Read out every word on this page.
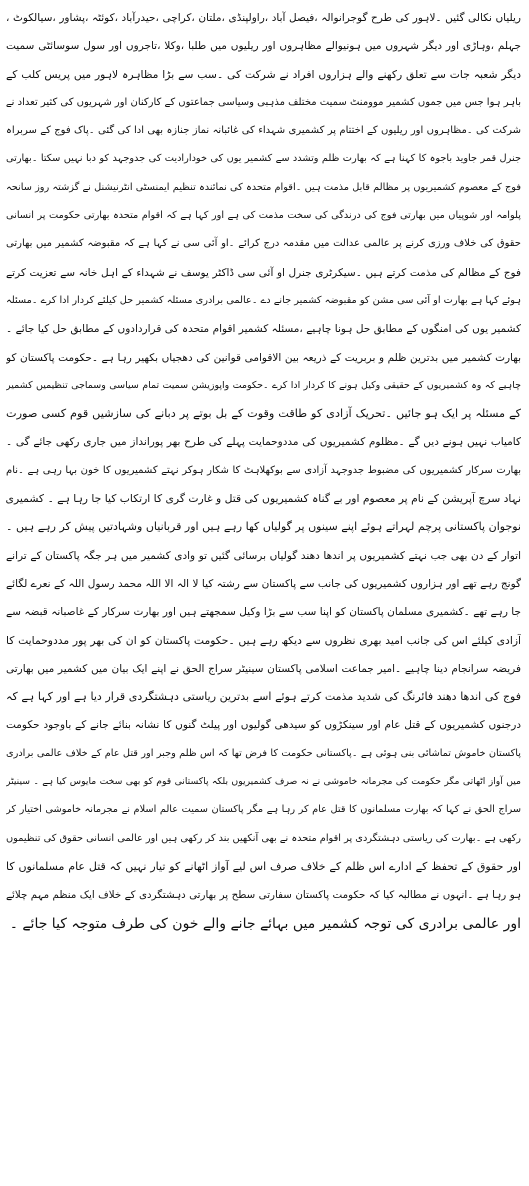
ریلیاں نکالی گئیں ۔لاہور کی طرح گوجرانوالہ ،فیصل آباد ،راولپنڈی ،ملتان ،کراچی ،حیدرآباد ،کوئٹہ ،پشاور ،سیالکوٹ ،
جہلم ،وہاڑی اور دیگر شہروں میں ہونیوالے مظاہروں اور ریلیوں میں طلبا ،وکلا ،تاجروں اور سول سوسائٹی سمیت
دیگر شعبہ جات سے تعلق رکھنے والے ہزاروں افراد نے شرکت کی ۔سب سے بڑا مظاہرہ لاہور میں پریس کلب کے
باہر ہوا جس میں جموں کشمیر موومنٹ سمیت مختلف مذہبی وسیاسی جماعتوں کے کارکنان اور شہریوں کی کثیر تعداد نے
شرکت کی ۔مظاہروں اور ریلیوں کے اختتام پر کشمیری شہداء کی غائبانہ نماز جنازہ بھی ادا کی گئی ۔پاک فوج کے سربراہ
جنرل قمر جاوید باجوہ کا کہنا ہے کہ بھارت ظلم وتشدد سے کشمیر یوں کی خودارادیت کی جدوجہد کو دبا نہیں سکتا ۔بھارتی
فوج کے معصوم کشمیریوں پر مظالم قابل مذمت ہیں ۔اقوام متحدہ کی نمائندہ تنظیم ایمنسٹی انٹرنیشنل نے گزشتہ روز سانحہ
پلوامہ اور شوپیاں میں بھارتی فوج کی درندگی کی سخت مذمت کی ہے اور کہا ہے کہ اقوام متحدہ بھارتی حکومت پر انسانی
حقوق کی خلاف ورزی کرنے پر عالمی عدالت میں مقدمہ درج کرائے ۔او آئی سی نے کہا ہے کہ مقبوضہ کشمیر میں بھارتی
فوج کے مظالم کی مذمت کرتے ہیں ۔سیکرٹری جنرل او آئی سی ڈاکٹر یوسف نے شہداء کے اہل خانہ سے تعزیت کرتے
ہوئے کہا ہے بھارت او آئی سی مشن کو مقبوضہ کشمیر جانے دے ۔عالمی برادری مسئلہ کشمیر حل کیلئے کردار ادا کرے ۔مسئلہ
کشمیر یوں کی امنگوں کے مطابق حل ہونا چاہیے ،مسئلہ کشمیر اقوام متحدہ کی قراردادوں کے مطابق حل کیا جائے ۔
بھارت کشمیر میں بدترین ظلم و بربریت کے ذریعہ بین الاقوامی قوانین کی دھجیاں بکھیر رہا ہے ۔حکومت پاکستان کو
چاہیے کہ وہ کشمیریوں کے حقیقی وکیل ہونے کا کردار ادا کرے ۔حکومت واپوزیشن سمیت تمام سیاسی وسماجی تنظیمیں کشمیر
کے مسئلہ پر ایک ہو جائیں ۔تحریک آزادی کو طاقت وقوت کے بل بوتے پر دبانے کی سازشیں قوم کسی صورت
کامیاب نہیں ہونے دیں گے ۔مظلوم کشمیریوں کی مددوحمایت پہلے کی طرح بھر پورانداز میں جاری رکھی جائے گی ۔
بھارت سرکار کشمیریوں کی مضبوط جدوجہد آزادی سے بوکھلاہٹ کا شکار ہوکر نہتے کشمیریوں کا خون بہا رہی ہے ۔نام
نہاد سرچ آپریشن کے نام پر معصوم اور بے گناہ کشمیریوں کی قتل و غارت گری کا ارتکاب کیا جا رہا ہے ۔ کشمیری
نوجوان پاکستانی پرچم لہراتے ہوئے اپنے سینوں پر گولیاں کھا رہے ہیں اور قربانیاں وشہادتیں پیش کر رہے ہیں ۔
اتوار کے دن بھی جب نہتے کشمیریوں پر اندھا دھند گولیاں برسائی گئیں تو وادی کشمیر میں ہر جگہ پاکستان کے ترانے
گونج رہے تھے اور ہزاروں کشمیریوں کی جانب سے پاکستان سے رشتہ کیا لا الہ الا اللہ محمد رسول اللہ کے نعرے لگائے
جا رہے تھے ۔کشمیری مسلمان پاکستان کو اپنا سب سے بڑا وکیل سمجھتے ہیں اور بھارت سرکار کے غاصبانہ قبضہ سے
آزادی کیلئے اس کی جانب امید بھری نظروں سے دیکھ رہے ہیں ۔حکومت پاکستان کو ان کی بھر پور مددوحمایت کا
فریضہ سرانجام دینا چاہیے ۔امیر جماعت اسلامی پاکستان سینیٹر سراج الحق نے اپنے ایک بیان میں کشمیر میں بھارتی
فوج کی اندھا دھند فائرنگ کی شدید مذمت کرتے ہوئے اسے بدترین ریاستی دہشتگردی قرار دیا ہے اور کہا ہے کہ
درجنوں کشمیریوں کے قتل عام اور سینکڑوں کو سیدھی گولیوں اور پیلٹ گنوں کا نشانہ بنائے جانے کے باوجود حکومت
پاکستان خاموش تماشائی بنی ہوئی ہے ۔پاکستانی حکومت کا فرض تھا کہ اس ظلم وجبر اور قتل عام کے خلاف عالمی برادری
میں آواز اٹھاتی مگر حکومت کی مجرمانہ خاموشی نے نہ صرف کشمیریوں بلکہ پاکستانی قوم کو بھی سخت مایوس کیا ہے ۔ سینیٹر
سراج الحق نے کہا کہ بھارت مسلمانوں کا قتل عام کر رہا ہے مگر پاکستان سمیت عالم اسلام نے مجرمانہ خاموشی اختیار کر
رکھی ہے ۔بھارت کی ریاستی دہشتگردی پر اقوام متحدہ نے بھی آنکھیں بند کر رکھی ہیں اور عالمی انسانی حقوق کی تنظیموں
اور حقوق کے تحفظ کے ادارے اس ظلم کے خلاف صرف اس لیے آواز اٹھانے کو تیار نہیں کہ قتل عام مسلمانوں کا
ہو رہا ہے ۔انہوں نے مطالبہ کیا کہ حکومت پاکستان سفارتی سطح پر بھارتی دہشتگردی کے خلاف ایک منظم مہم چلائے
اور عالمی برادری کی توجہ کشمیر میں بہائے جانے والے خون کی طرف متوجہ کیا جائے ۔
